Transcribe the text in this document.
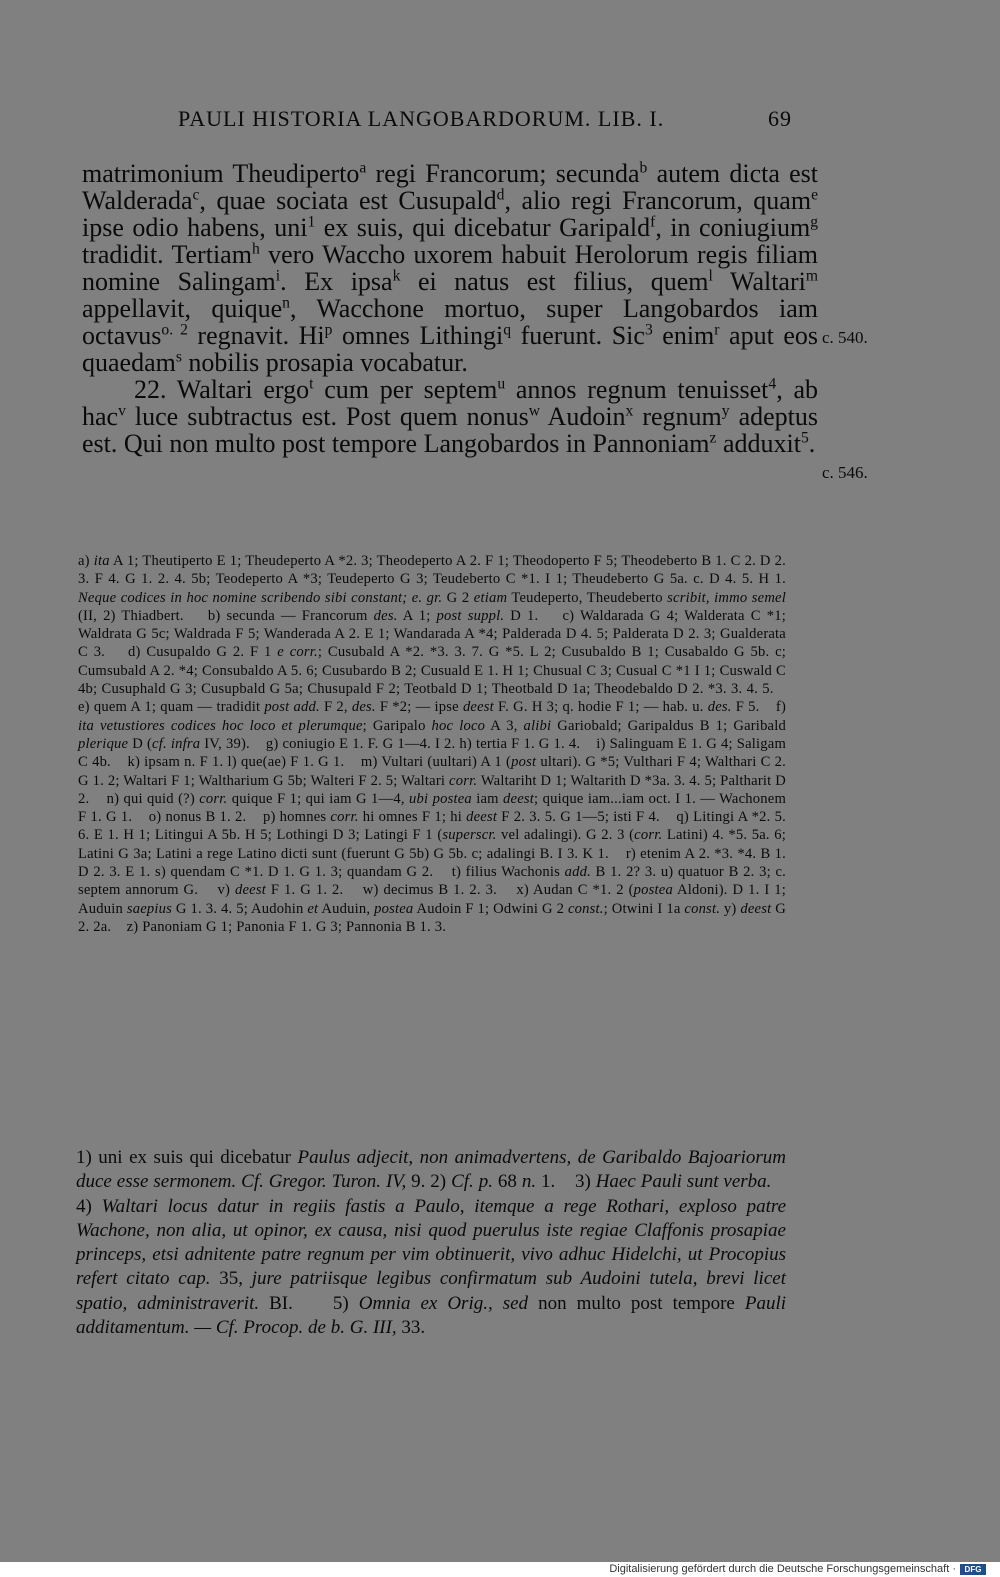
PAULI HISTORIA LANGOBARDORUM. LIB. I.	69

matrimonium Theudiperto$^a$ regi Francorum; secunda$^b$ autem dicta est Walderada$^c$, quae sociata est Cusupald$^d$, alio regi Francorum, quam$^e$ ipse odio habens, uni$^1$ ex suis, qui dicebatur Garipald$^f$, in coniugium$^g$ tradidit. Tertiam$^h$ vero Waccho uxorem habuit Herolorum regis filiam nomine Salingam$^i$. Ex ipsa$^k$ ei natus est filius, quem$^l$ Waltari$^m$ appellavit, quique$^n$, Wacchone mortuo, super Langobardos iam octavus$^{o. 2}$ regnavit. Hi$^p$ omnes Lithingi$^q$ fuerunt. Sic$^3$ enim$^r$ aput eos quaedam$^s$ nobilis prosapia vocabatur.

22. Waltari ergo$^t$ cum per septem$^u$ annos regnum tenuisset$^4$, ab hac$^v$ luce subtractus est. Post quem nonus$^w$ Audoin$^x$ regnum$^y$ adeptus est. Qui non multo post tempore Langobardos in Pannoniam$^z$ adduxit$^5$.

c. 540.
c. 546.

a) ita A 1; Theutiperto E 1; Theudeperto A *2. 3; Theodeperto A 2. F 1; Theodoperto F 5; Theodeberto B 1. C 2. D 2. 3. F 4. G 1. 2. 4. 5b; Teodeperto A *3; Teudeperto G 3; Teudeberto C *1. I 1; Theudeberto G 5a. c. D 4. 5. H 1. Neque codices in hoc nomine scribendo sibi constant; e. gr. G 2 etiam Teudeperto, Theudeberto scribit, immo semel (II, 2) Thiadbert.    b) secunda — Francorum des. A 1; post suppl. D 1.    c) Waldarada G 4; Walderata C *1; Waldrata G 5c; Waldrada F 5; Wanderada A 2. E 1; Wandarada A *4; Palderada D 4. 5; Palderata D 2. 3; Gualderata C 3.    d) Cusupaldo G 2. F 1 e corr.; Cusubald A *2. *3. 3. 7. G *5. L 2; Cusubaldo B 1; Cusabaldo G 5b. c; Cumsubald A 2. *4; Consubaldo A 5. 6; Cusubardo B 2; Cusuald E 1. H 1; Chusual C 3; Cusual C *1 I 1; Cuswald C 4b; Cusuphald G 3; Cusupbald G 5a; Chusupald F 2; Teotbald D 1; Theotbald D 1a; Theodebaldo D 2. *3. 3. 4. 5.    e) quem A 1; quam — tradidit post add. F 2, des. F *2; — ipse deest F. G. H 3; q. hodie F 1; — hab. u. des. F 5.    f) ita vetustiores codices hoc loco et plerumque; Garipalo hoc loco A 3, alibi Gariobald; Garipaldus B 1; Garibald plerique D (cf. infra IV, 39).    g) coniugio E 1. F. G 1—4. I 2. h) tertia F 1. G 1. 4.    i) Salinguam E 1. G 4; Saligam C 4b.    k) ipsam n. F 1. l) que(ae) F 1. G 1.    m) Vultari (uultari) A 1 (post ultari). G *5; Vulthari F 4; Walthari C 2. G 1. 2; Waltari F 1; Waltharium G 5b; Walteri F 2. 5; Waltari corr. Waltariht D 1; Waltarith D *3a. 3. 4. 5; Paltharit D 2.    n) qui quid (?) corr. quique F 1; qui iam G 1—4, ubi postea iam deest; quique iam...iam oct. I 1. — Wachonem F 1. G 1.    o) nonus B 1. 2.    p) homnes corr. hi omnes F 1; hi deest F 2. 3. 5. G 1—5; isti F 4.    q) Litingi A *2. 5. 6. E 1. H 1; Litingui A 5b. H 5; Lothingi D 3; Latingi F 1 (superscr. vel adalingi). G 2. 3 (corr. Latini) 4. *5. 5a. 6; Latini G 3a; Latini a rege Latino dicti sunt (fuerunt G 5b) G 5b. c; adalingi B. I 3. K 1.    r) etenim A 2. *3. *4. B 1. D 2. 3. E 1. s) quendam C *1. D 1. G 1. 3; quandam G 2.    t) filius Wachonis add. B 1. 2? 3. u) quatuor B 2. 3; c. septem annorum G.    v) deest F 1. G 1. 2.    w) decimus B 1. 2. 3.    x) Audan C *1. 2 (postea Aldoni). D 1. I 1; Auduin saepius G 1. 3. 4. 5; Audohin et Auduin, postea Audoin F 1; Odwini G 2 const.; Otwini I 1a const. y) deest G 2. 2a.    z) Panoniam G 1; Panonia F 1. G 3; Pannonia B 1. 3.

1) uni ex suis qui dicebatur Paulus adjecit, non animadvertens, de Garibaldo Bajoariorum duce esse sermonem. Cf. Gregor. Turon. IV, 9. 2) Cf. p. 68 n. 1.    3) Haec Pauli sunt verba.    4) Waltari locus datur in regiis fastis a Paulo, itemque a rege Rothari, exploso patre Wachone, non alia, ut opinor, ex causa, nisi quod puerulus iste regiae Claffonis prosapiae princeps, etsi adnitente patre regnum per vim obtinuerit, vivo adhuc Hidelchi, ut Procopius refert citato cap. 35, jure patriisque legibus confirmatum sub Audoini tutela, brevi licet spatio, administraverit. BI.    5) Omnia ex Orig., sed non multo post tempore Pauli additamentum. — Cf. Procop. de b. G. III, 33.

Digitalisierung gefördert durch die Deutsche Forschungsgemeinschaft ·	DFG
